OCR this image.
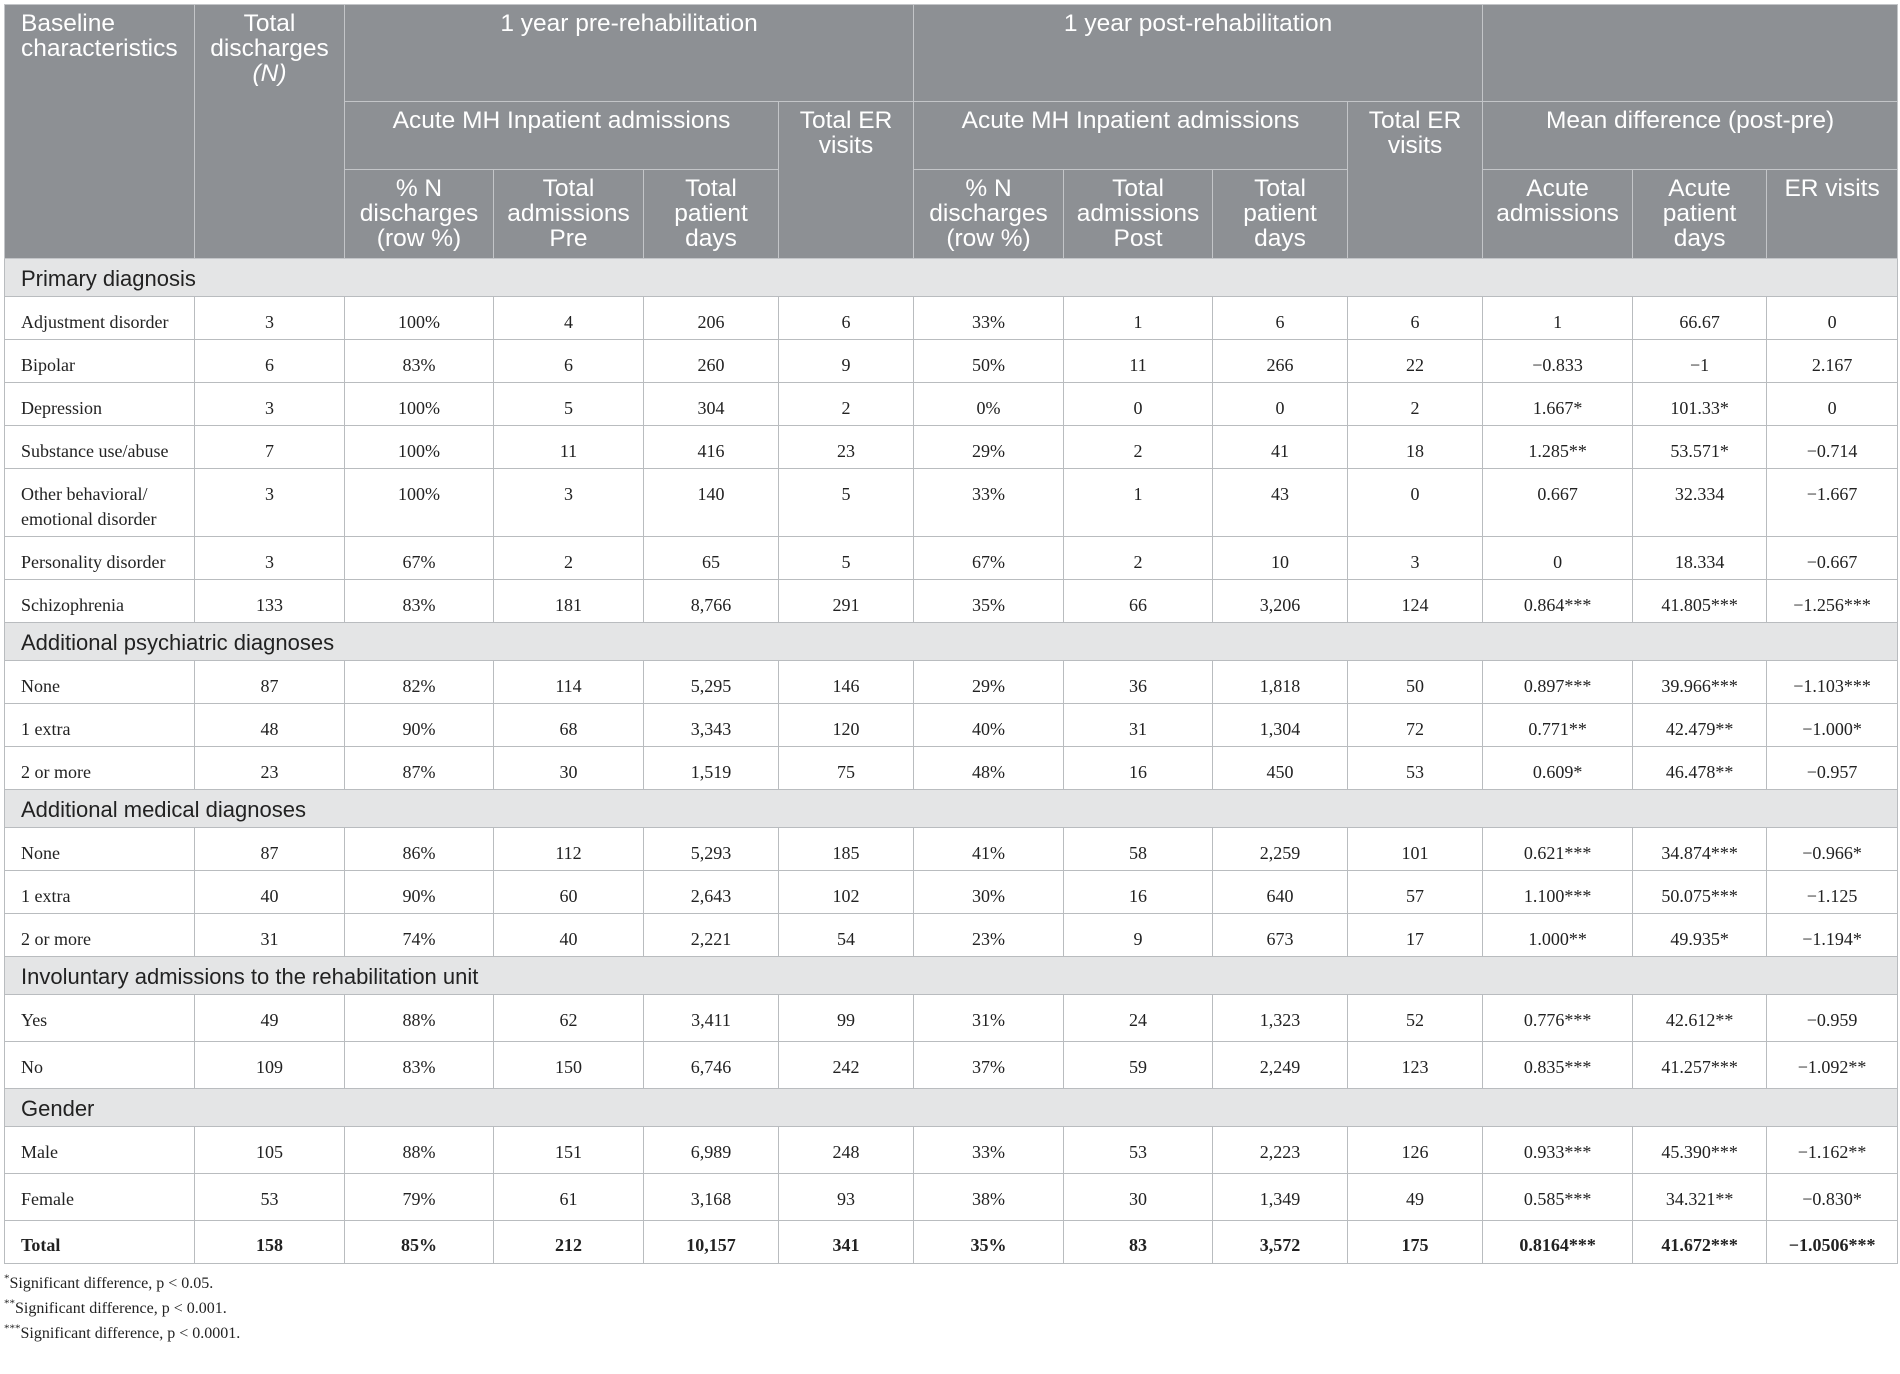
Baseline characteristics	Total discharges
(N)	1 year pre-rehabilitation				1 year post-rehabilitation						
		Acute MH Inpatient admissions			Total ER visits	Acute MH Inpatient admissions			Total ER visits	Mean difference (post-pre)		
		% N discharges (row %)	Total admissions Pre	Total patient days		% N discharges (row %)	Total admissions Post	Total patient days		Acute admissions	Acute patient days	ER visits
Primary diagnosis												
Adjustment disorder	3	100%	4	206	6	33%	1	6	6	1	66.67	0
Bipolar	6	83%	6	260	9	50%	11	266	22	−0.833	−1	2.167
Depression	3	100%	5	304	2	0%	0	0	2	1.667*	101.33*	0
Substance use/abuse	7	100%	11	416	23	29%	2	41	18	1.285**	53.571*	−0.714
Other behavioral/ emotional disorder	3	100%	3	140	5	33%	1	43	0	0.667	32.334	−1.667
Personality disorder	3	67%	2	65	5	67%	2	10	3	0	18.334	−0.667
Schizophrenia	133	83%	181	8,766	291	35%	66	3,206	124	0.864***	41.805***	−1.256***
Additional psychiatric diagnoses												
None	87	82%	114	5,295	146	29%	36	1,818	50	0.897***	39.966***	−1.103***
1 extra	48	90%	68	3,343	120	40%	31	1,304	72	0.771**	42.479**	−1.000*
2 or more	23	87%	30	1,519	75	48%	16	450	53	0.609*	46.478**	−0.957
Additional medical diagnoses												
None	87	86%	112	5,293	185	41%	58	2,259	101	0.621***	34.874***	−0.966*
1 extra	40	90%	60	2,643	102	30%	16	640	57	1.100***	50.075***	−1.125
2 or more	31	74%	40	2,221	54	23%	9	673	17	1.000**	49.935*	−1.194*
Involuntary admissions to the rehabilitation unit												
Yes	49	88%	62	3,411	99	31%	24	1,323	52	0.776***	42.612**	−0.959
No	109	83%	150	6,746	242	37%	59	2,249	123	0.835***	41.257***	−1.092**
Gender												
Male	105	88%	151	6,989	248	33%	53	2,223	126	0.933***	45.390***	−1.162**
Female	53	79%	61	3,168	93	38%	30	1,349	49	0.585***	34.321**	−0.830*
Total	158	85%	212	10,157	341	35%	83	3,572	175	0.8164***	41.672***	−1.0506***
*Significant difference, p < 0.05.
**Significant difference, p < 0.001.
***Significant difference, p < 0.0001.
